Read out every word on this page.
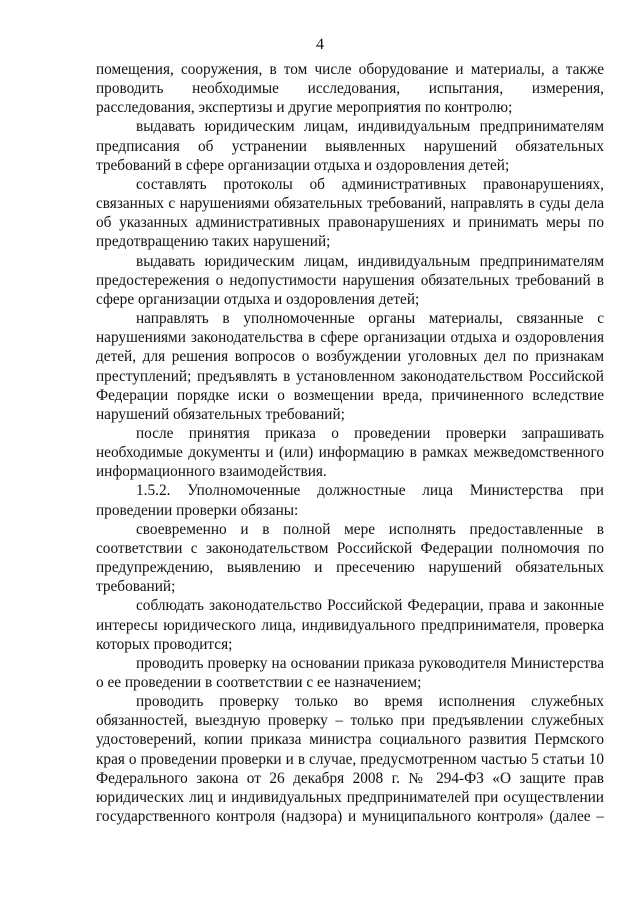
4

помещения, сооружения, в том числе оборудование и материалы, а также проводить необходимые исследования, испытания, измерения, расследования, экспертизы и другие мероприятия по контролю;

выдавать юридическим лицам, индивидуальным предпринимателям предписания об устранении выявленных нарушений обязательных требований в сфере организации отдыха и оздоровления детей;

составлять протоколы об административных правонарушениях, связанных с нарушениями обязательных требований, направлять в суды дела об указанных административных правонарушениях и принимать меры по предотвращению таких нарушений;

выдавать юридическим лицам, индивидуальным предпринимателям предостережения о недопустимости нарушения обязательных требований в сфере организации отдыха и оздоровления детей;

направлять в уполномоченные органы материалы, связанные с нарушениями законодательства в сфере организации отдыха и оздоровления детей, для решения вопросов о возбуждении уголовных дел по признакам преступлений; предъявлять в установленном законодательством Российской Федерации порядке иски о возмещении вреда, причиненного вследствие нарушений обязательных требований;

после принятия приказа о проведении проверки запрашивать необходимые документы и (или) информацию в рамках межведомственного информационного взаимодействия.

1.5.2. Уполномоченные должностные лица Министерства при проведении проверки обязаны:

своевременно и в полной мере исполнять предоставленные в соответствии с законодательством Российской Федерации полномочия по предупреждению, выявлению и пресечению нарушений обязательных требований;

соблюдать законодательство Российской Федерации, права и законные интересы юридического лица, индивидуального предпринимателя, проверка которых проводится;

проводить проверку на основании приказа руководителя Министерства о ее проведении в соответствии с ее назначением;

проводить проверку только во время исполнения служебных обязанностей, выездную проверку – только при предъявлении служебных удостоверений, копии приказа министра социального развития Пермского края о проведении проверки и в случае, предусмотренном частью 5 статьи 10 Федерального закона от 26 декабря 2008 г. № 294-ФЗ «О защите прав юридических лиц и индивидуальных предпринимателей при осуществлении государственного контроля (надзора) и муниципального контроля» (далее –
